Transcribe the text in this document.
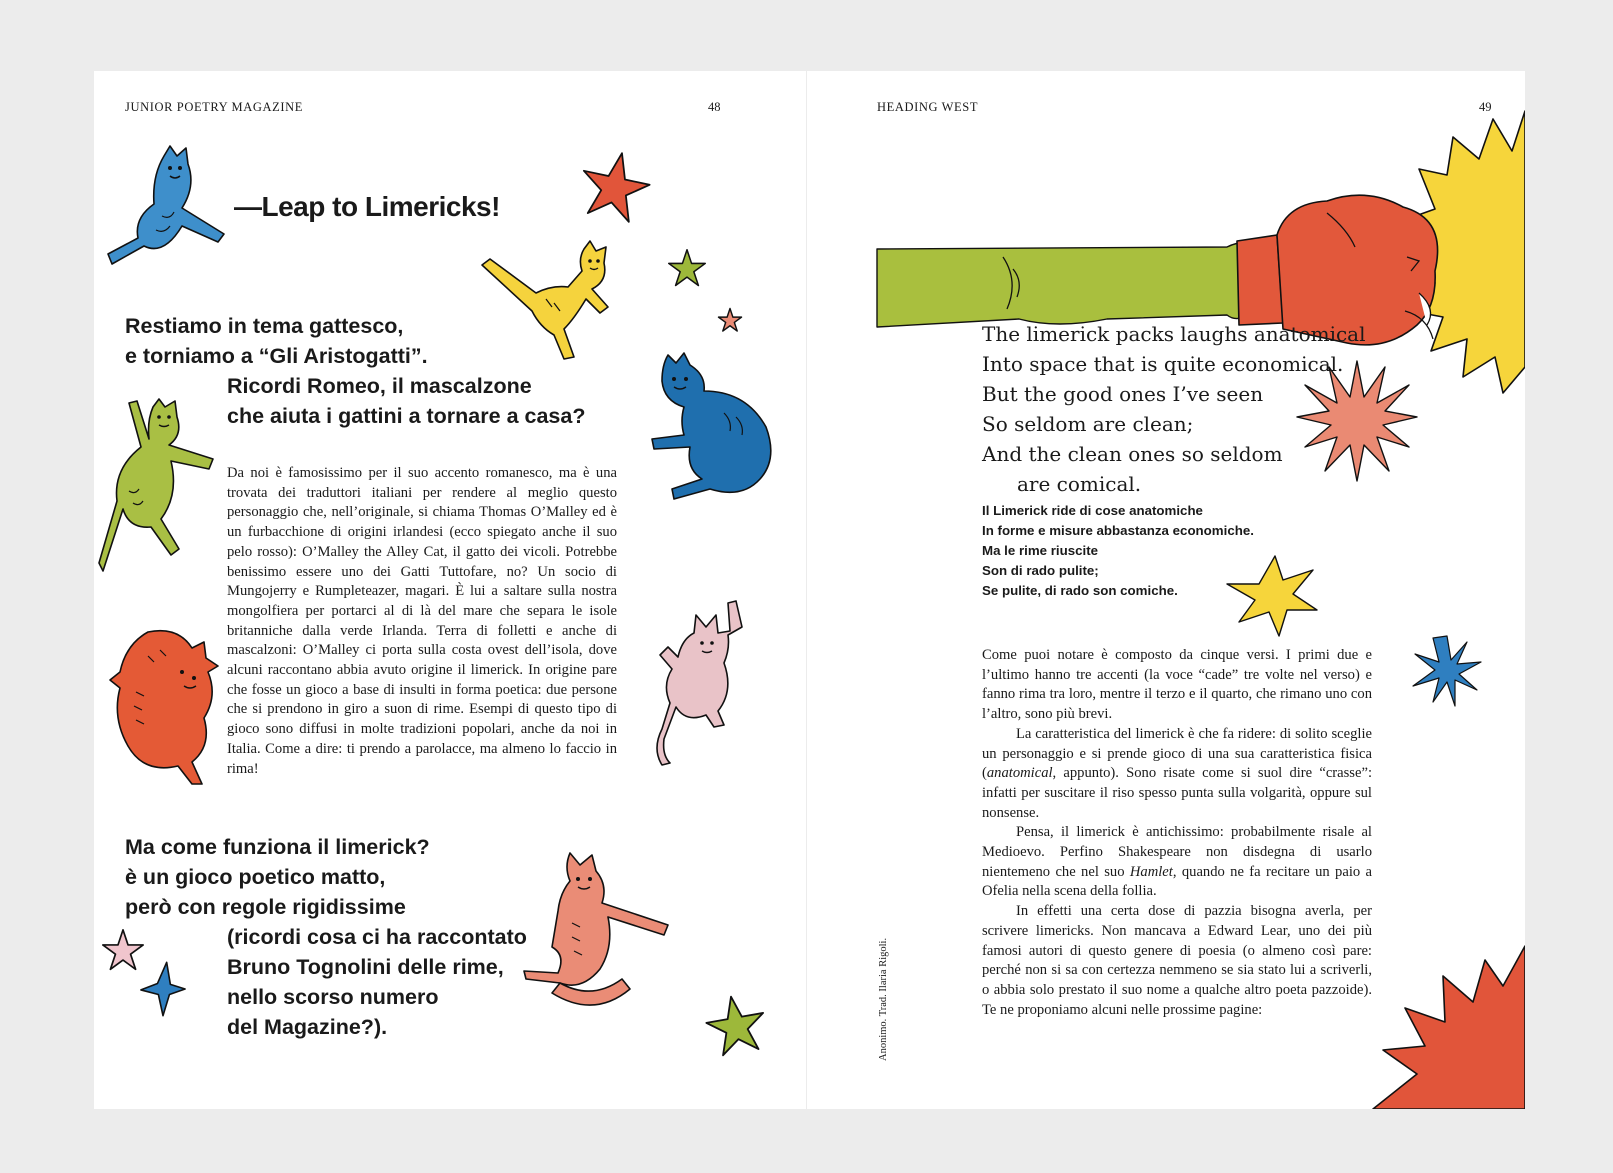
JUNIOR POETRY MAGAZINE	48
—Leap to Limericks!
Restiamo in tema gattesco,
e torniamo a “Gli Aristogatti”.
Ricordi Romeo, il mascalzone
che aiuta i gattini a tornare a casa?
Da noi è famosissimo per il suo accento romanesco, ma è una trovata dei traduttori italiani per rendere al meglio questo personaggio che, nell’originale, si chiama Thomas O’Malley ed è un furbacchione di origini irlandesi (ecco spiegato anche il suo pelo rosso): O’Malley the Alley Cat, il gatto dei vicoli. Potrebbe benissimo essere uno dei Gatti Tuttofare, no? Un socio di Mungojerry e Rumpleteazer, magari. È lui a saltare sulla nostra mongolfiera per portarci al di là del mare che separa le isole britanniche dalla verde Irlanda. Terra di folletti e anche di mascalzoni: O’Malley ci porta sulla costa ovest dell’isola, dove alcuni raccontano abbia avuto origine il limerick. In origine pare che fosse un gioco a base di insulti in forma poetica: due persone che si prendono in giro a suon di rime. Esempi di questo tipo di gioco sono diffusi in molte tradizioni popolari, anche da noi in Italia. Come a dire: ti prendo a parolacce, ma almeno lo faccio in rima!
Ma come funziona il limerick?
è un gioco poetico matto,
però con regole rigidissime
(ricordi cosa ci ha raccontato
Bruno Tognolini delle rime,
nello scorso numero
del Magazine?).
HEADING WEST	49
The limerick packs laughs anatomical
Into space that is quite economical.
But the good ones I’ve seen
So seldom are clean;
And the clean ones so seldom
are comical.
Il Limerick ride di cose anatomiche
In forme e misure abbastanza economiche.
Ma le rime riuscite
Son di rado pulite;
Se pulite, di rado son comiche.
Anonimo. Trad. Ilaria Rigoli.

Come puoi notare è composto da cinque versi. I primi due e l’ultimo hanno tre accenti (la voce “cade” tre volte nel verso) e fanno rima tra loro, mentre il terzo e il quarto, che rimano uno con l’altro, sono più brevi.

La caratteristica del limerick è che fa ridere: di solito sceglie un personaggio e si prende gioco di una sua caratteristica fisica (anatomical, appunto). Sono risate come si suol dire “crasse”: infatti per suscitare il riso spesso punta sulla volgarità, oppure sul nonsense.

Pensa, il limerick è antichissimo: probabilmente risale al Medioevo. Perfino Shakespeare non disdegna di usarlo nientemeno che nel suo Hamlet, quando ne fa recitare un paio a Ofelia nella scena della follia.

In effetti una certa dose di pazzia bisogna averla, per scrivere limericks. Non mancava a Edward Lear, uno dei più famosi autori di questo genere di poesia (o almeno così pare: perché non si sa con certezza nemmeno se sia stato lui a scriverli, o abbia solo prestato il suo nome a qualche altro poeta pazzoide). Te ne proponiamo alcuni nelle prossime pagine:
